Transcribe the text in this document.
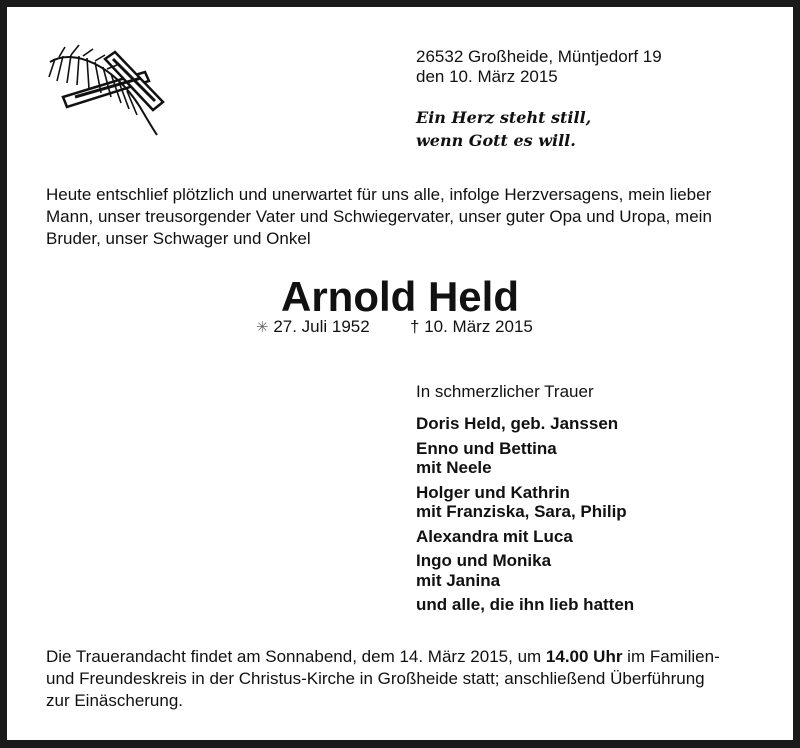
26532 Großheide, Müntjedorf 19
den 10. März 2015
Ein Herz steht still,
wenn Gott es will.
Heute entschlief plötzlich und unerwartet für uns alle, infolge Herzversagens, mein lieber
Mann, unser treusorgender Vater und Schwiegervater, unser guter Opa und Uropa, mein
Bruder, unser Schwager und Onkel
Arnold Held
✳ 27. Juli 1952 † 10. März 2015
In schmerzlicher Trauer
Doris Held, geb. Janssen
Enno und Bettina
mit Neele
Holger und Kathrin
mit Franziska, Sara, Philip
Alexandra mit Luca
Ingo und Monika
mit Janina
und alle, die ihn lieb hatten
Die Trauerandacht findet am Sonnabend, dem 14. März 2015, um 14.00 Uhr im Familien-
und Freundeskreis in der Christus-Kirche in Großheide statt; anschließend Überführung
zur Einäscherung.
